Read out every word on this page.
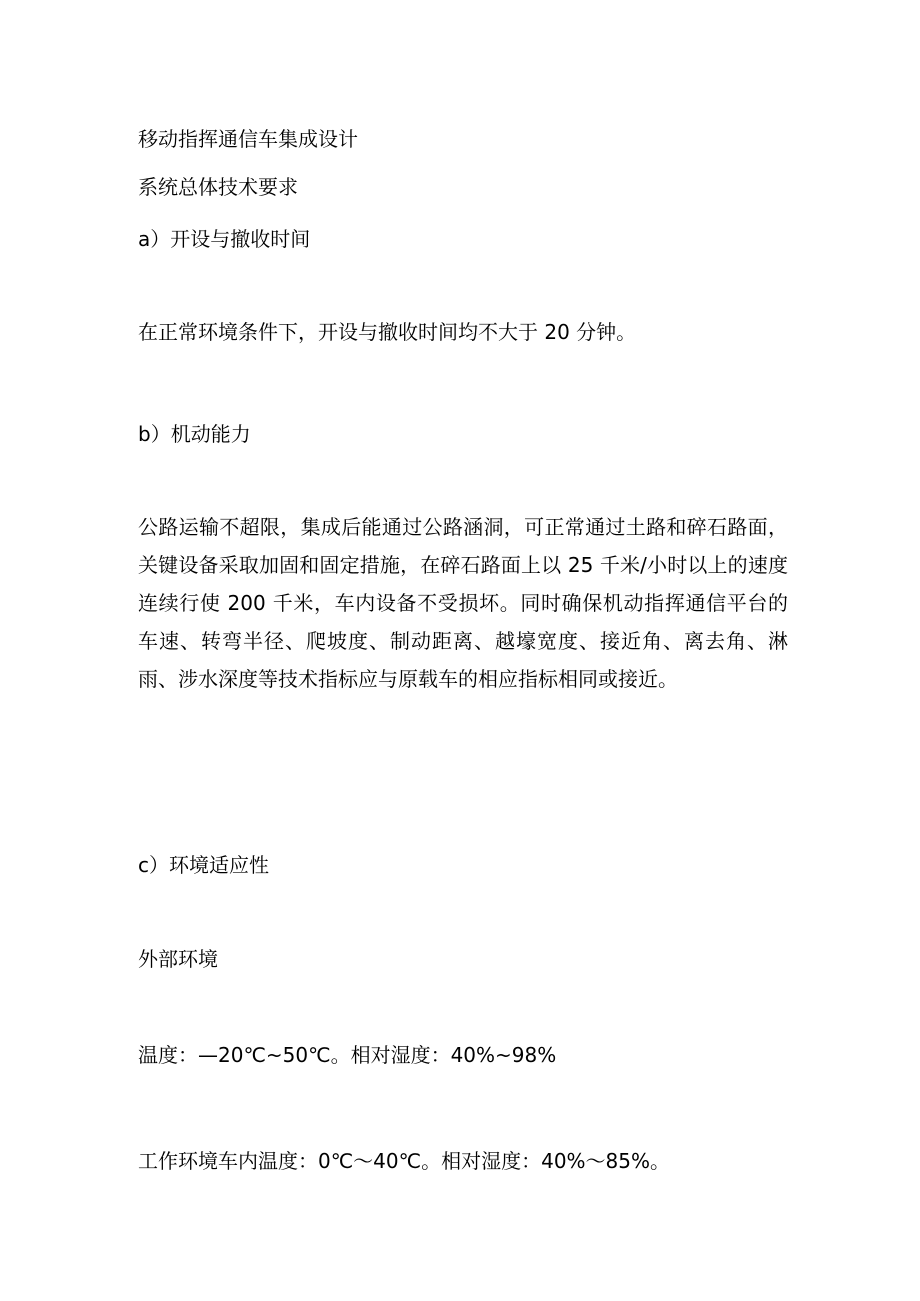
移动指挥通信车集成设计

系统总体技术要求

a）开设与撤收时间

在正常环境条件下，开设与撤收时间均不大于 20 分钟。

b）机动能力

公路运输不超限，集成后能通过公路涵洞，可正常通过土路和碎石路面，关键设备采取加固和固定措施，在碎石路面上以 25 千米/小时以上的速度连续行使 200 千米，车内设备不受损坏。同时确保机动指挥通信平台的车速、转弯半径、爬坡度、制动距离、越壕宽度、接近角、离去角、淋雨、涉水深度等技术指标应与原载车的相应指标相同或接近。

c）环境适应性

外部环境

温度：—20℃~50℃。相对湿度：40%~98%

工作环境车内温度：0℃～40℃。相对湿度：40%～85%。
